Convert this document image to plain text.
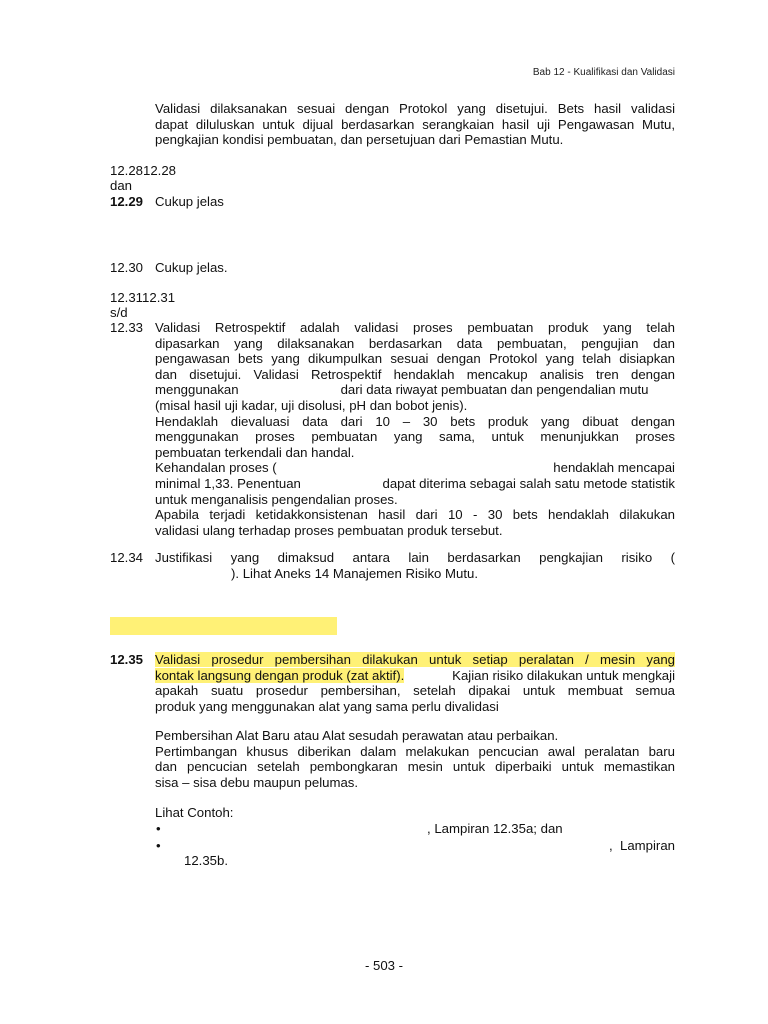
Bab 12 - Kualifikasi dan Validasi
Validasi dilaksanakan sesuai dengan Protokol yang disetujui. Bets hasil validasi
dapat diluluskan untuk dijual berdasarkan serangkaian hasil uji Pengawasan Mutu,
pengkajian kondisi pembuatan, dan persetujuan dari Pemastian Mutu.
12.2812.28
dan
12.29 Cukup jelas
12.30 Cukup jelas.
12.3112.31
s/d
12.33 Validasi Retrospektif adalah validasi proses pembuatan produk yang telah
dipasarkan yang dilaksanakan berdasarkan data pembuatan, pengujian dan
pengawasan bets yang dikumpulkan sesuai dengan Protokol yang telah disiapkan
dan disetujui. Validasi Retrospektif hendaklah mencakup analisis tren dengan
menggunakan	dari data riwayat pembuatan dan pengendalian mutu
(misal hasil uji kadar, uji disolusi, pH dan bobot jenis).
Hendaklah dievaluasi data dari 10 – 30 bets produk yang dibuat dengan
menggunakan proses pembuatan yang sama, untuk menunjukkan proses
pembuatan terkendali dan handal.
Kehandalan proses (	hendaklah mencapai
minimal 1,33. Penentuan	dapat diterima sebagai salah satu metode statistik
untuk menganalisis pengendalian proses.
Apabila terjadi ketidakkonsistenan hasil dari 10 - 30 bets hendaklah dilakukan
validasi ulang terhadap proses pembuatan produk tersebut.
12.34 Justifikasi yang dimaksud antara lain berdasarkan pengkajian risiko (
). Lihat Aneks 14 Manajemen Risiko Mutu.
12.35 Validasi prosedur pembersihan dilakukan untuk setiap peralatan / mesin yang
kontak langsung dengan produk (zat aktif).	Kajian risiko dilakukan untuk mengkaji
apakah suatu prosedur pembersihan, setelah dipakai untuk membuat semua
produk yang menggunakan alat yang sama perlu divalidasi
Pembersihan Alat Baru atau Alat sesudah perawatan atau perbaikan.
Pertimbangan khusus diberikan dalam melakukan pencucian awal peralatan baru
dan pencucian setelah pembongkaran mesin untuk diperbaiki untuk memastikan
sisa – sisa debu maupun pelumas.
Lihat Contoh:
•	, Lampiran 12.35a; dan
•	,  Lampiran
12.35b.
- 503 -
